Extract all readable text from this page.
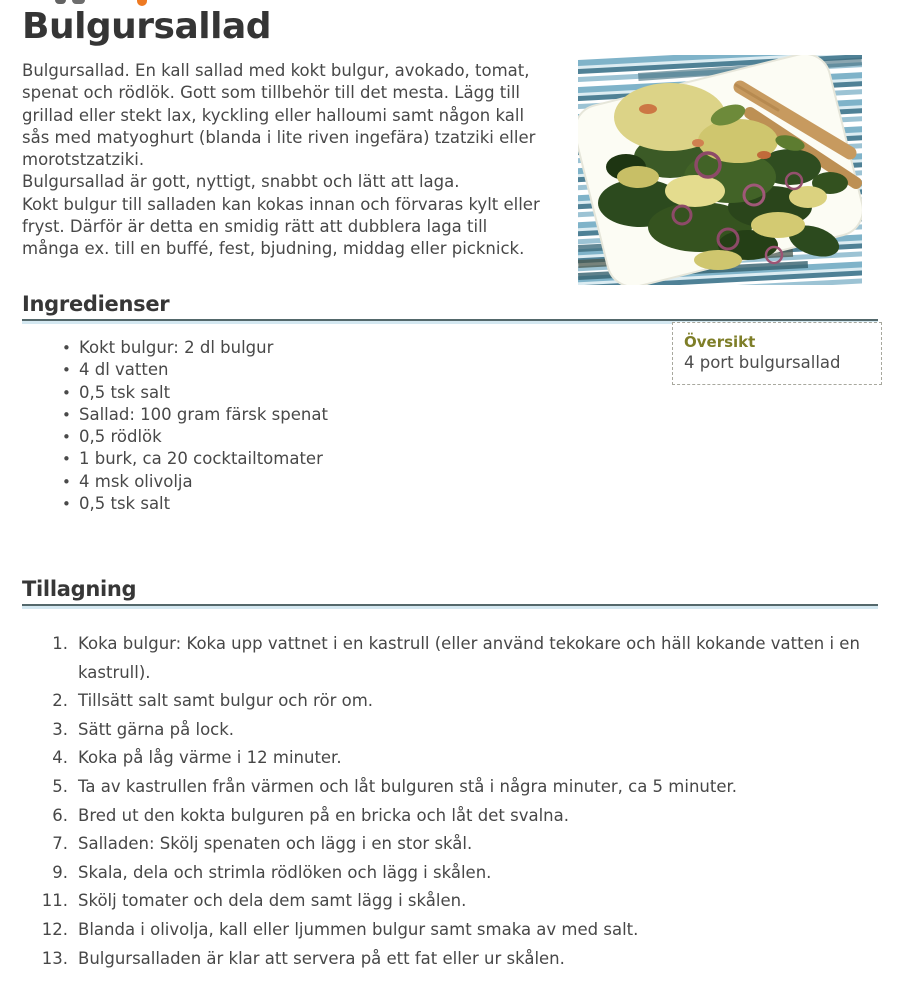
Bulgursallad
Bulgursallad. En kall sallad med kokt bulgur, avokado, tomat,
spenat och rödlök. Gott som tillbehör till det mesta. Lägg till
grillad eller stekt lax, kyckling eller halloumi samt någon kall
sås med matyoghurt (blanda i lite riven ingefära) tzatziki eller
morotstzatziki.
Bulgursallad är gott, nyttigt, snabbt och lätt att laga.
Kokt bulgur till salladen kan kokas innan och förvaras kylt eller
fryst. Därför är detta en smidig rätt att dubblera laga till
många ex. till en buffé, fest, bjudning, middag eller picknick.
Ingredienser
• Kokt bulgur: 2 dl bulgur
• 4 dl vatten
• 0,5 tsk salt
• Sallad: 100 gram färsk spenat
• 0,5 rödlök
• 1 burk, ca 20 cocktailtomater
• 4 msk olivolja
• 0,5 tsk salt
Översikt
4 port bulgursallad
Tillagning
1. Koka bulgur: Koka upp vattnet i en kastrull (eller använd tekokare och häll kokande vatten i en kastrull).
2. Tillsätt salt samt bulgur och rör om.
3. Sätt gärna på lock.
4. Koka på låg värme i 12 minuter.
5. Ta av kastrullen från värmen och låt bulguren stå i några minuter, ca 5 minuter.
6. Bred ut den kokta bulguren på en bricka och låt det svalna.
7. Salladen: Skölj spenaten och lägg i en stor skål.
9. Skala, dela och strimla rödlöken och lägg i skålen.
11. Skölj tomater och dela dem samt lägg i skålen.
12. Blanda i olivolja, kall eller ljummen bulgur samt smaka av med salt.
13. Bulgursalladen är klar att servera på ett fat eller ur skålen.
